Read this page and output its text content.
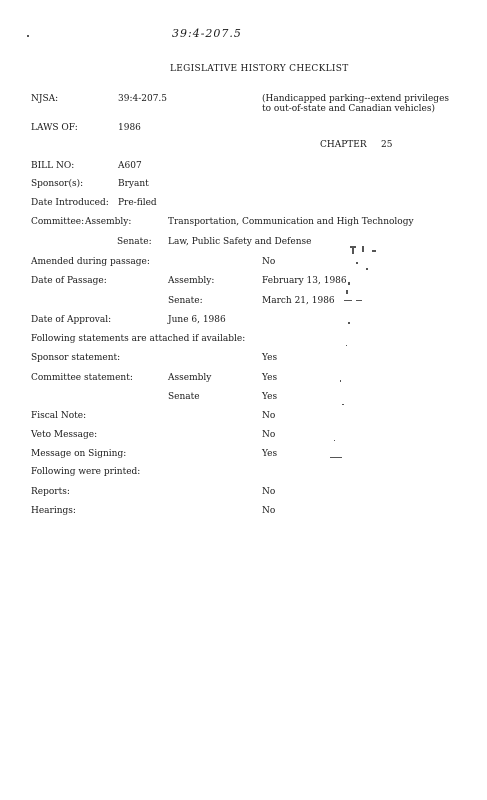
39:4-207.5
LEGISLATIVE HISTORY CHECKLIST
NJSA:	39:4-207.5	(Handicapped parking--extend privileges
to out-of-state and Canadian vehicles)
LAWS OF:	1986
CHAPTER 25
BILL NO:	A607
Sponsor(s):	Bryant
Date Introduced: Pre-filed
Committee: Assembly:	Transportation, Communication and High Technology
Senate: Law, Public Safety and Defense
Amended during passage:	No
Date of Passage:	Assembly:	February 13, 1986
Senate:	March 21, 1986
Date of Approval:	June 6, 1986
Following statements are attached if available:
Sponsor statement:	Yes
Committee statement:	Assembly	Yes
Senate	Yes
Fiscal Note:	No
Veto Message:	No
Message on Signing:	Yes
Following were printed:
Reports:	No
Hearings:	No
